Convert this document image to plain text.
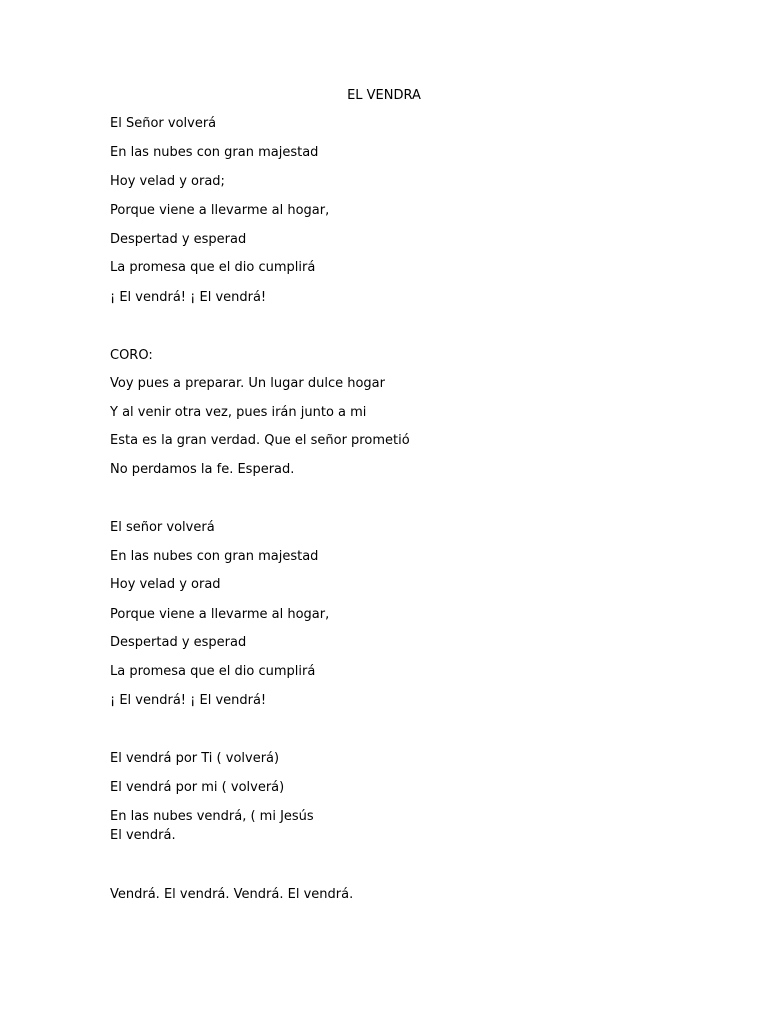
EL VENDRA
El Señor volverá
En las nubes con gran majestad
Hoy velad y orad;
Porque viene a llevarme al hogar,
Despertad y esperad
La promesa que el dio cumplirá
¡ El vendrá! ¡ El vendrá!
CORO:
Voy pues a preparar. Un lugar dulce hogar
Y al venir otra vez, pues irán junto a mi
Esta es la gran verdad. Que el señor prometió
No perdamos la fe. Esperad.
El señor volverá
En las nubes con gran majestad
Hoy velad y orad
Porque viene a llevarme al hogar,
Despertad y esperad
La promesa que el dio cumplirá
¡ El vendrá! ¡ El vendrá!
El vendrá por Ti ( volverá)
El vendrá por mi ( volverá)
En las nubes vendrá, ( mi Jesús
El vendrá.
Vendrá. El vendrá. Vendrá. El vendrá.
